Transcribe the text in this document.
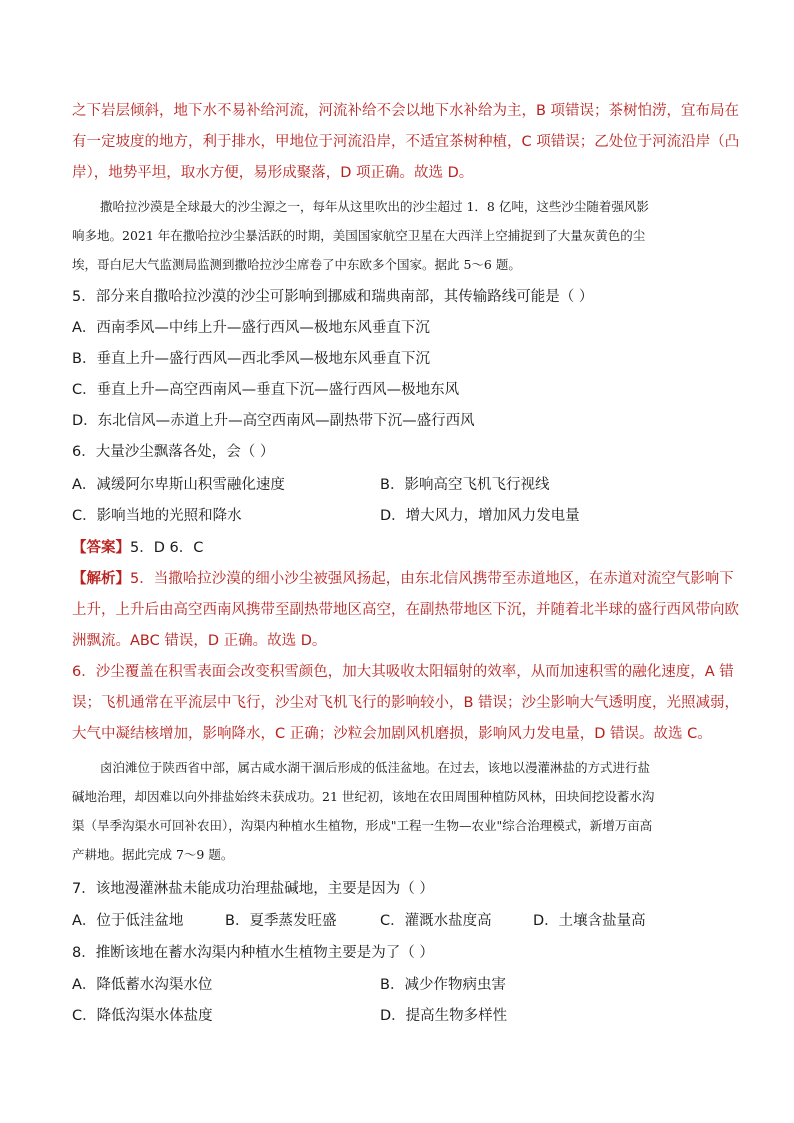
之下岩层倾斜，地下水不易补给河流，河流补给不会以地下水补给为主，B 项错误；茶树怕涝，宜布局在
有一定坡度的地方，利于排水，甲地位于河流沿岸，不适宜茶树种植，C 项错误；乙处位于河流沿岸（凸
岸），地势平坦，取水方便，易形成聚落，D 项正确。故选 D。
撒哈拉沙漠是全球最大的沙尘源之一，每年从这里吹出的沙尘超过 1．8 亿吨，这些沙尘随着强风影
响多地。2021 年在撒哈拉沙尘暴活跃的时期，美国国家航空卫星在大西洋上空捕捉到了大量灰黄色的尘
埃，哥白尼大气监测局监测到撒哈拉沙尘席卷了中东欧多个国家。据此 5～6 题。
5．部分来自撒哈拉沙漠的沙尘可影响到挪威和瑞典南部，其传输路线可能是（ ）
A．西南季风—中纬上升—盛行西风—极地东风垂直下沉
B．垂直上升—盛行西风—西北季风—极地东风垂直下沉
C．垂直上升—高空西南风—垂直下沉—盛行西风—极地东风
D．东北信风—赤道上升—高空西南风—副热带下沉—盛行西风
6．大量沙尘飘落各处，会（ ）
A．减缓阿尔卑斯山积雪融化速度	B．影响高空飞机飞行视线
C．影响当地的光照和降水	D．增大风力，增加风力发电量
【答案】5．D 6．C
【解析】5．当撒哈拉沙漠的细小沙尘被强风扬起，由东北信风携带至赤道地区，在赤道对流空气影响下
上升，上升后由高空西南风携带至副热带地区高空，在副热带地区下沉，并随着北半球的盛行西风带向欧
洲飘流。ABC 错误，D 正确。故选 D。
6．沙尘覆盖在积雪表面会改变积雪颜色，加大其吸收太阳辐射的效率，从而加速积雪的融化速度，A 错
误；飞机通常在平流层中飞行，沙尘对飞机飞行的影响较小，B 错误；沙尘影响大气透明度，光照减弱，
大气中凝结核增加，影响降水，C 正确；沙粒会加剧风机磨损，影响风力发电量，D 错误。故选 C。
卤泊滩位于陕西省中部，属古咸水湖干涸后形成的低洼盆地。在过去，该地以漫灌淋盐的方式进行盐
碱地治理，却因难以向外排盐始终未获成功。21 世纪初，该地在农田周围种植防风林，田块间挖设蓄水沟
渠（旱季沟渠水可回补农田），沟渠内种植水生植物，形成"工程一生物—农业"综合治理模式，新增万亩高
产耕地。据此完成 7～9 题。
7．该地漫灌淋盐未能成功治理盐碱地，主要是因为（ ）
A．位于低洼盆地	B．夏季蒸发旺盛	C．灌溉水盐度高	D．土壤含盐量高
8．推断该地在蓄水沟渠内种植水生植物主要是为了（ ）
A．降低蓄水沟渠水位	B．减少作物病虫害
C．降低沟渠水体盐度	D．提高生物多样性
